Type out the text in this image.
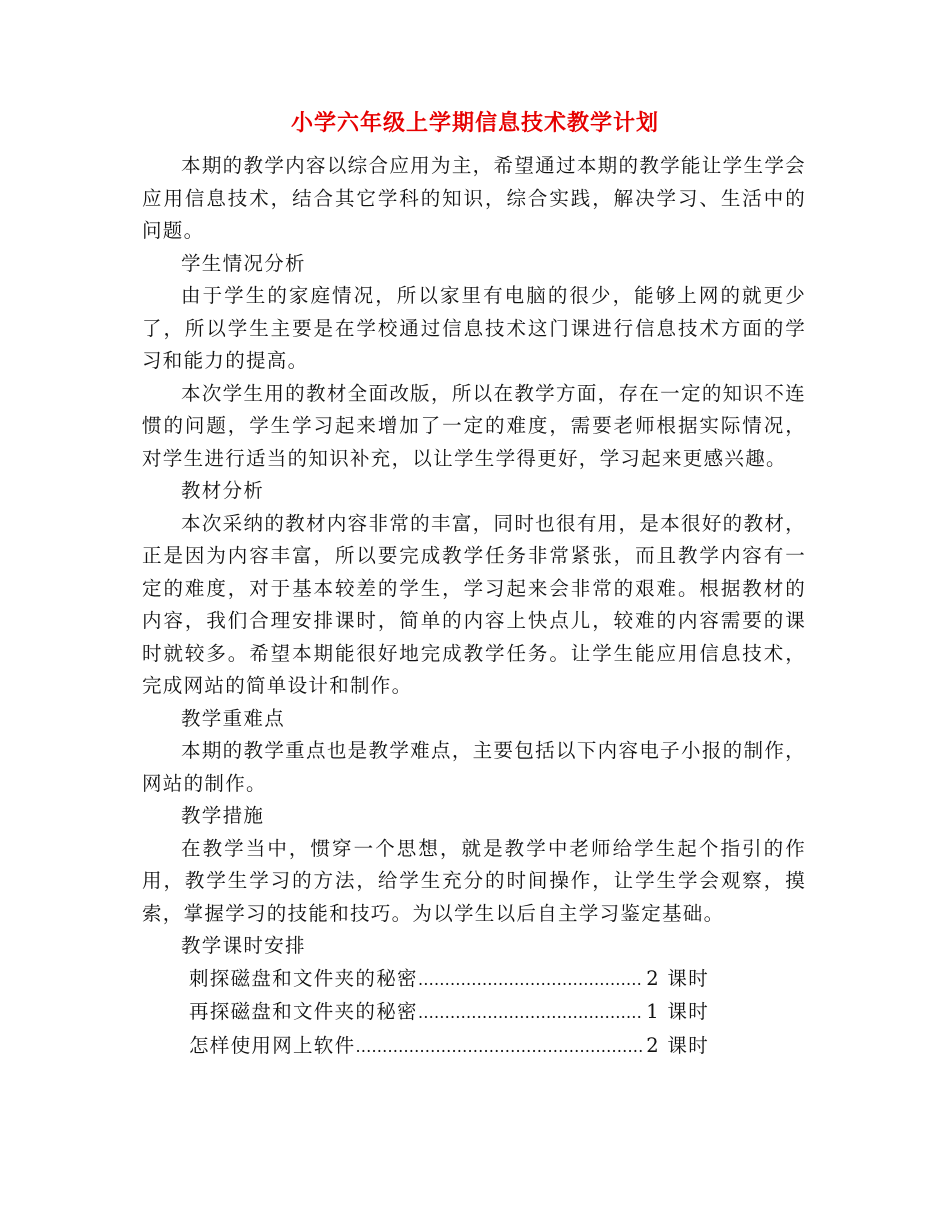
小学六年级上学期信息技术教学计划

本期的教学内容以综合应用为主，希望通过本期的教学能让学生学会应用信息技术，结合其它学科的知识，综合实践，解决学习、生活中的问题。

学生情况分析

由于学生的家庭情况，所以家里有电脑的很少，能够上网的就更少了，所以学生主要是在学校通过信息技术这门课进行信息技术方面的学习和能力的提高。

本次学生用的教材全面改版，所以在教学方面，存在一定的知识不连惯的问题，学生学习起来增加了一定的难度，需要老师根据实际情况，对学生进行适当的知识补充，以让学生学得更好，学习起来更感兴趣。

教材分析

本次采纳的教材内容非常的丰富，同时也很有用，是本很好的教材，正是因为内容丰富，所以要完成教学任务非常紧张，而且教学内容有一定的难度，对于基本较差的学生，学习起来会非常的艰难。根据教材的内容，我们合理安排课时，简单的内容上快点儿，较难的内容需要的课时就较多。希望本期能很好地完成教学任务。让学生能应用信息技术，完成网站的简单设计和制作。

教学重难点

本期的教学重点也是教学难点，主要包括以下内容电子小报的制作，网站的制作。

教学措施

在教学当中，惯穿一个思想，就是教学中老师给学生起个指引的作用，教学生学习的方法，给学生充分的时间操作，让学生学会观察，摸索，掌握学习的技能和技巧。为以学生以后自主学习鉴定基础。

教学课时安排

刺探磁盘和文件夹的秘密 ………………………………………………………………………………………………	2 课时
再探磁盘和文件夹的秘密 ………………………………………………………………………………………………	1 课时
怎样使用网上软件 ………………………………………………………………………………………………	2 课时
